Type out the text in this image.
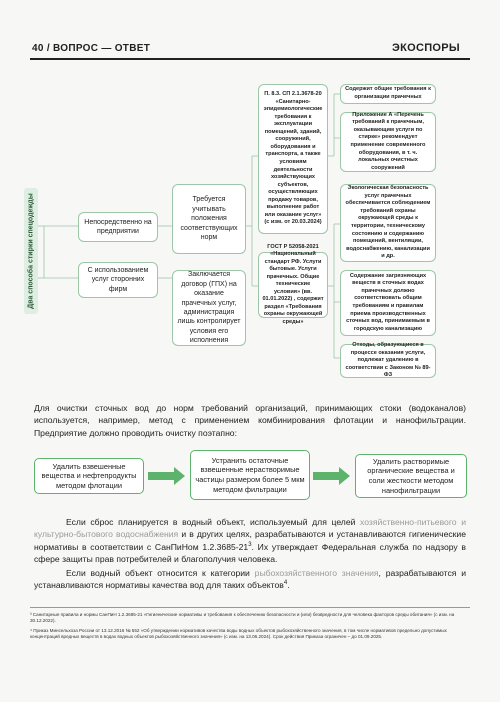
40 / ВОПРОС — ОТВЕТ	ЭКОСПОРЫ
Два способа стирки спецодежды	Непосредственно на предприятии
С использованием услуг сторонних фирм
Требуется учитывать положения соответствующих норм
Заключается договор (ГПХ) на оказание прачечных услуг, администрация лишь контролирует условия его исполнения
П. 8.3. СП 2.1.3678-20 «Санитарно-эпидемиологические требования к эксплуатации помещений, зданий, сооружений, оборудования и транспорта, а также условиям деятельности хозяйствующих субъектов, осуществляющих продажу товаров, выполнение работ или оказание услуг» (с изм. от 20.03.2024)
ГОСТ Р 52058-2021 «Национальный стандарт РФ. Услуги бытовые. Услуги прачечных. Общие технические условия» (вв. 01.01.2022) , содержит раздел «Требования охраны окружающей среды»
Содержит общие требования к организации прачечных
Приложение А «Перечень требований к прачечным, оказывающим услуги по стирке» рекомендует применение современного оборудования, в т. ч. локальных очистных сооружений
Экологическая безопасность услуг прачечных обеспечивается соблюдением требований охраны окружающей среды к территории, техническому состоянию и содержанию помещений, вентиляции, водоснабжению, канализации и др.
Содержание загрязняющих веществ в сточных водах прачечных должно соответствовать общим требованиям и правилам приема производственных сточных вод, принимаемым в городскую канализацию
Отходы, образующиеся в процессе оказания услуги, подлежат удалению в соответствии с Законом № 89-ФЗ
Для очистки сточных вод до норм требований организаций, принимающих стоки (водоканалов) используется, например, метод с применением комбинирования флотации и нанофильтрации. Предприятие должно проводить очистку поэтапно:
Удалить взвешенные вещества и нефтепродукты методом флотации
Устранить остаточные взвешенные нерастворимые частицы размером более 5 мкм методом фильтрации
Удалить растворимые органические вещества и соли жесткости методом нанофильтрации
Если сброс планируется в водный объект, используемый для целей хозяйственно-питьевого и культурно-бытового водоснабжения и в других целях, разрабатываются и устанавливаются гигиенические нормативы в соответствии с СанПиНом $1.2.3685-21^3$. Их утверждает Федеральная служба по надзору в сфере защиты прав потребителей и благополучия человека.
Если водный объект относится к категории рыбохозяйственного значения, разрабатываются и устанавливаются нормативы качества вод для таких объектов$^4$.
³ Санитарные правила и нормы СанПиН 1.2.3685-21 «Гигиенические нормативы и требования к обеспечению безопасности и (или) безвредности для человека факторов среды обитания» (с изм. на 30.12.2022).
⁴ Приказ Минсельхоза России от 13.12.2016 № 552 «Об утверждении нормативов качества воды водных объектов рыбохозяйственного значения, в том числе нормативов предельно допустимых концентраций вредных веществ в водах водных объектов рыбохозяйственного значения» (с изм. на 13.06.2024). Срок действия Приказа ограничен – до 01.09.2025.
